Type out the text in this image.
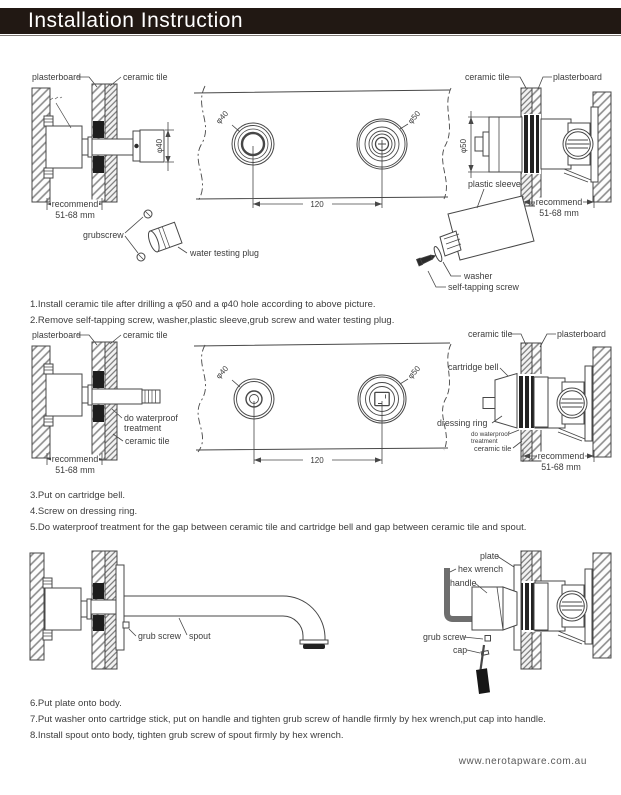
Installation Instruction
plasterboard	ceramic tile
φ40
recommend
51-68 mm
grubscrew
water testing plug
φ40	φ50
120
ceramic tile	plasterboard
φ50
plastic sleeve
washer
self-tapping screw
recommend
51-68 mm
plasterboard	ceramic tile
do waterproof
treatment
ceramic tile
recommend
51-68 mm
φ40	φ50
120
ceramic tile	plasterboard
cartridge bell
dressing ring
do waterproof
treatment
ceramic tile
recommend
51-68 mm
grub screw spout
plate
hex wrench
handle
grub screw
cap
1.Install ceramic tile after drilling a φ50 and a φ40 hole according to above picture.
2.Remove self-tapping screw, washer,plastic sleeve,grub screw and water testing plug.
3.Put on cartridge bell.
4.Screw on dressing ring.
5.Do waterproof treatment for the gap between ceramic tile and cartridge bell and gap between ceramic tile and spout.
6.Put plate onto body.
7.Put washer onto cartridge stick, put on handle and tighten grub screw of handle firmly by hex wrench,put cap into handle.
8.Install spout onto body, tighten grub screw of spout firmly by hex wrench.
www.nerotapware.com.au
